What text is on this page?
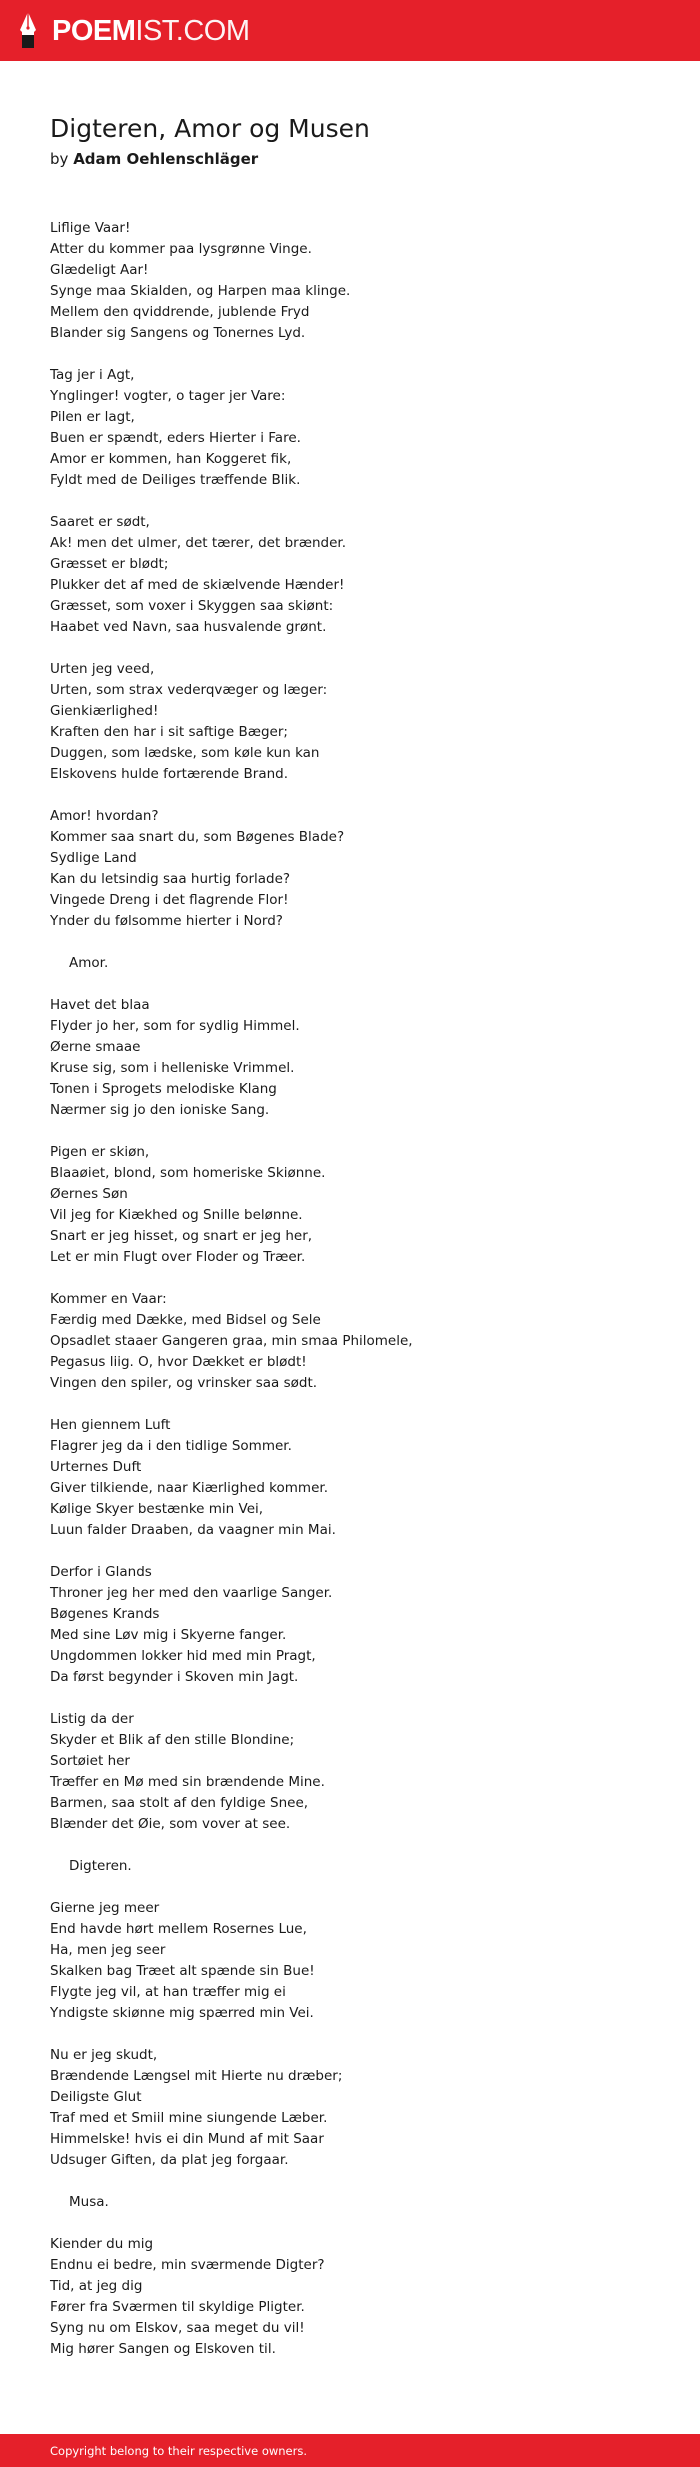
POEMIST.COM
Digteren, Amor og Musen
by Adam Oehlenschläger
Liflige Vaar!
Atter du kommer paa lysgrønne Vinge.
Glædeligt Aar!
Synge maa Skialden, og Harpen maa klinge.
Mellem den qviddrende, jublende Fryd
Blander sig Sangens og Tonernes Lyd.
Tag jer i Agt,
Ynglinger! vogter, o tager jer Vare:
Pilen er lagt,
Buen er spændt, eders Hierter i Fare.
Amor er kommen, han Koggeret fik,
Fyldt med de Deiliges træffende Blik.
Saaret er sødt,
Ak! men det ulmer, det tærer, det brænder.
Græsset er blødt;
Plukker det af med de skiælvende Hænder!
Græsset, som voxer i Skyggen saa skiønt:
Haabet ved Navn, saa husvalende grønt.
Urten jeg veed,
Urten, som strax vederqvæger og læger:
Gienkiærlighed!
Kraften den har i sit saftige Bæger;
Duggen, som lædske, som køle kun kan
Elskovens hulde fortærende Brand.
Amor! hvordan?
Kommer saa snart du, som Bøgenes Blade?
Sydlige Land
Kan du letsindig saa hurtig forlade?
Vingede Dreng i det flagrende Flor!
Ynder du følsomme hierter i Nord?
Amor.
Havet det blaa
Flyder jo her, som for sydlig Himmel.
Øerne smaae
Kruse sig, som i helleniske Vrimmel.
Tonen i Sprogets melodiske Klang
Nærmer sig jo den ioniske Sang.
Pigen er skiøn,
Blaaøiet, blond, som homeriske Skiønne.
Øernes Søn
Vil jeg for Kiækhed og Snille belønne.
Snart er jeg hisset, og snart er jeg her,
Let er min Flugt over Floder og Træer.
Kommer en Vaar:
Færdig med Dække, med Bidsel og Sele
Opsadlet staaer Gangeren graa, min smaa Philomele,
Pegasus liig. O, hvor Dækket er blødt!
Vingen den spiler, og vrinsker saa sødt.
Hen giennem Luft
Flagrer jeg da i den tidlige Sommer.
Urternes Duft
Giver tilkiende, naar Kiærlighed kommer.
Kølige Skyer bestænke min Vei,
Luun falder Draaben, da vaagner min Mai.
Derfor i Glands
Throner jeg her med den vaarlige Sanger.
Bøgenes Krands
Med sine Løv mig i Skyerne fanger.
Ungdommen lokker hid med min Pragt,
Da først begynder i Skoven min Jagt.
Listig da der
Skyder et Blik af den stille Blondine;
Sortøiet her
Træffer en Mø med sin brændende Mine.
Barmen, saa stolt af den fyldige Snee,
Blænder det Øie, som vover at see.
Digteren.
Gierne jeg meer
End havde hørt mellem Rosernes Lue,
Ha, men jeg seer
Skalken bag Træet alt spænde sin Bue!
Flygte jeg vil, at han træffer mig ei
Yndigste skiønne mig spærred min Vei.
Nu er jeg skudt,
Brændende Længsel mit Hierte nu dræber;
Deiligste Glut
Traf med et Smiil mine siungende Læber.
Himmelske! hvis ei din Mund af mit Saar
Udsuger Giften, da plat jeg forgaar.
Musa.
Kiender du mig
Endnu ei bedre, min sværmende Digter?
Tid, at jeg dig
Fører fra Sværmen til skyldige Pligter.
Syng nu om Elskov, saa meget du vil!
Mig hører Sangen og Elskoven til.
Copyright belong to their respective owners.
